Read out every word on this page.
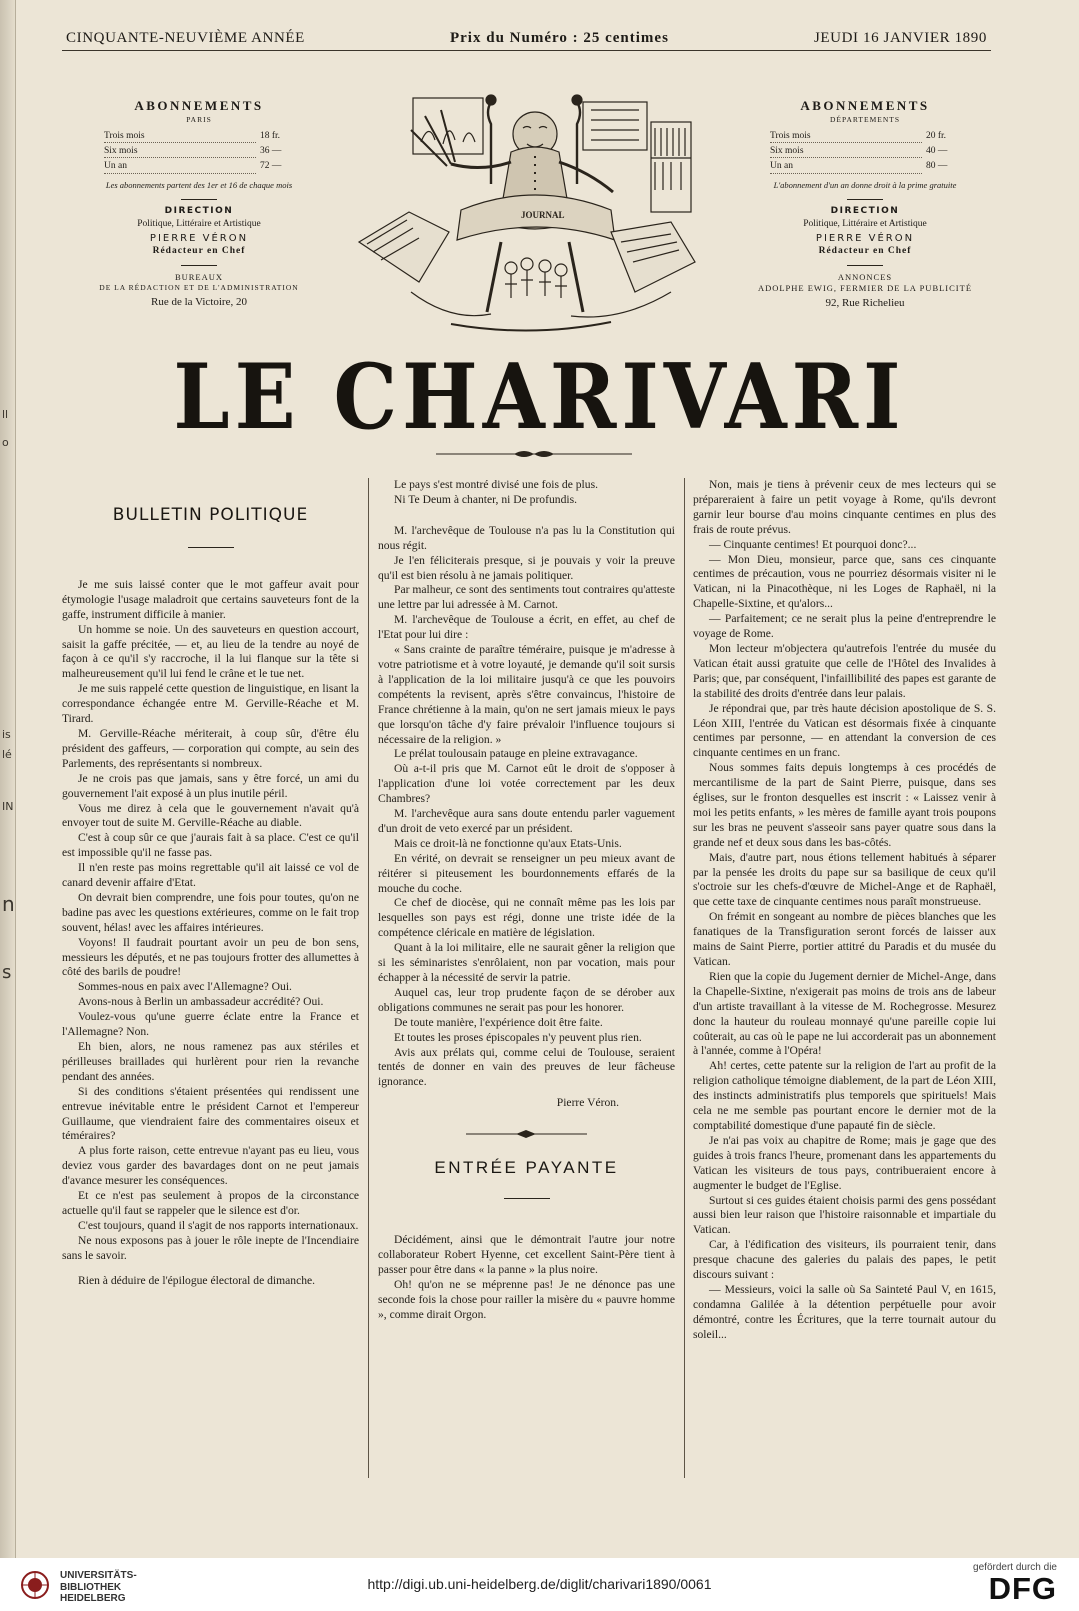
ll
o
is
lé
IN
n
s
CINQUANTE-NEUVIÈME ANNÉE	Prix du Numéro : 25 centimes	JEUDI 16 JANVIER 1890
ABONNEMENTS
PARIS
Trois mois	18 fr.
Six mois	36 —
Un an	72 —
Les abonnements partent des 1er et 16 de chaque mois
DIRECTION
Politique, Littéraire et Artistique
PIERRE VÉRON
Rédacteur en Chef
BUREAUX
DE LA RÉDACTION ET DE L'ADMINISTRATION
Rue de la Victoire, 20
ABONNEMENTS
DÉPARTEMENTS
Trois mois	20 fr.
Six mois	40 —
Un an	80 —
L'abonnement d'un an donne droit à la prime gratuite
DIRECTION
Politique, Littéraire et Artistique
PIERRE VÉRON
Rédacteur en Chef
ANNONCES
ADOLPHE EWIG, FERMIER DE LA PUBLICITÉ
92, Rue Richelieu
JOURNAL
LE CHARIVARI
BULLETIN POLITIQUE

Je me suis laissé conter que le mot gaffeur avait pour étymologie l'usage maladroit que certains sauveteurs font de la gaffe, instrument difficile à manier.

Un homme se noie. Un des sauveteurs en question accourt, saisit la gaffe précitée, — et, au lieu de la tendre au noyé de façon à ce qu'il s'y raccroche, il la lui flanque sur la tête si malheureusement qu'il lui fend le crâne et le tue net.

Je me suis rappelé cette question de linguistique, en lisant la correspondance échangée entre M. Gerville-Réache et M. Tirard.

M. Gerville-Réache mériterait, à coup sûr, d'être élu président des gaffeurs, — corporation qui compte, au sein des Parlements, des représentants si nombreux.

Je ne crois pas que jamais, sans y être forcé, un ami du gouvernement l'ait exposé à un plus inutile péril.

Vous me direz à cela que le gouvernement n'avait qu'à envoyer tout de suite M. Gerville-Réache au diable.

C'est à coup sûr ce que j'aurais fait à sa place. C'est ce qu'il est impossible qu'il ne fasse pas.

Il n'en reste pas moins regrettable qu'il ait laissé ce vol de canard devenir affaire d'Etat.

On devrait bien comprendre, une fois pour toutes, qu'on ne badine pas avec les questions extérieures, comme on le fait trop souvent, hélas! avec les affaires intérieures.

Voyons! Il faudrait pourtant avoir un peu de bon sens, messieurs les députés, et ne pas toujours frotter des allumettes à côté des barils de poudre!

Sommes-nous en paix avec l'Allemagne? Oui.

Avons-nous à Berlin un ambassadeur accrédité? Oui.

Voulez-vous qu'une guerre éclate entre la France et l'Allemagne? Non.

Eh bien, alors, ne nous ramenez pas aux stériles et périlleuses braillades qui hurlèrent pour rien la revanche pendant des années.

Si des conditions s'étaient présentées qui rendissent une entrevue inévitable entre le président Carnot et l'empereur Guillaume, que viendraient faire des commentaires oiseux et téméraires?

A plus forte raison, cette entrevue n'ayant pas eu lieu, vous deviez vous garder des bavardages dont on ne peut jamais d'avance mesurer les conséquences.

Et ce n'est pas seulement à propos de la circonstance actuelle qu'il faut se rappeler que le silence est d'or.

C'est toujours, quand il s'agit de nos rapports internationaux.

Ne nous exposons pas à jouer le rôle inepte de l'Incendiaire sans le savoir.

Rien à déduire de l'épilogue électoral de dimanche.

Le pays s'est montré divisé une fois de plus.

Ni Te Deum à chanter, ni De profundis.

M. l'archevêque de Toulouse n'a pas lu la Constitution qui nous régit.

Je l'en féliciterais presque, si je pouvais y voir la preuve qu'il est bien résolu à ne jamais politiquer.

Par malheur, ce sont des sentiments tout contraires qu'atteste une lettre par lui adressée à M. Carnot.

M. l'archevêque de Toulouse a écrit, en effet, au chef de l'Etat pour lui dire :

« Sans crainte de paraître téméraire, puisque je m'adresse à votre patriotisme et à votre loyauté, je demande qu'il soit sursis à l'application de la loi militaire jusqu'à ce que les pouvoirs compétents la revisent, après s'être convaincus, l'histoire de France chrétienne à la main, qu'on ne sert jamais mieux le pays que lorsqu'on tâche d'y faire prévaloir l'influence toujours si nécessaire de la religion. »

Le prélat toulousain patauge en pleine extravagance.

Où a-t-il pris que M. Carnot eût le droit de s'opposer à l'application d'une loi votée correctement par les deux Chambres?

M. l'archevêque aura sans doute entendu parler vaguement d'un droit de veto exercé par un président.

Mais ce droit-là ne fonctionne qu'aux Etats-Unis.

En vérité, on devrait se renseigner un peu mieux avant de réitérer si piteusement les bourdonnements effarés de la mouche du coche.

Ce chef de diocèse, qui ne connaît même pas les lois par lesquelles son pays est régi, donne une triste idée de la compétence cléricale en matière de législation.

Quant à la loi militaire, elle ne saurait gêner la religion que si les séminaristes s'enrôlaient, non par vocation, mais pour échapper à la nécessité de servir la patrie.

Auquel cas, leur trop prudente façon de se dérober aux obligations communes ne serait pas pour les honorer.

De toute manière, l'expérience doit être faite.

Et toutes les proses épiscopales n'y peuvent plus rien.

Avis aux prélats qui, comme celui de Toulouse, seraient tentés de donner en vain des preuves de leur fâcheuse ignorance.

Pierre Véron.

ENTRÉE PAYANTE

Décidément, ainsi que le démontrait l'autre jour notre collaborateur Robert Hyenne, cet excellent Saint-Père tient à passer pour être dans « la panne » la plus noire.

Oh! qu'on ne se méprenne pas! Je ne dénonce pas une seconde fois la chose pour railler la misère du « pauvre homme », comme dirait Orgon.

Non, mais je tiens à prévenir ceux de mes lecteurs qui se prépareraient à faire un petit voyage à Rome, qu'ils devront garnir leur bourse d'au moins cinquante centimes en plus des frais de route prévus.

— Cinquante centimes! Et pourquoi donc?...

— Mon Dieu, monsieur, parce que, sans ces cinquante centimes de précaution, vous ne pourriez désormais visiter ni le Vatican, ni la Pinacothèque, ni les Loges de Raphaël, ni la Chapelle-Sixtine, et qu'alors...

— Parfaitement; ce ne serait plus la peine d'entreprendre le voyage de Rome.

Mon lecteur m'objectera qu'autrefois l'entrée du musée du Vatican était aussi gratuite que celle de l'Hôtel des Invalides à Paris; que, par conséquent, l'infaillibilité des papes est garante de la stabilité des droits d'entrée dans leur palais.

Je répondrai que, par très haute décision apostolique de S. S. Léon XIII, l'entrée du Vatican est désormais fixée à cinquante centimes par personne, — en attendant la conversion de ces cinquante centimes en un franc.

Nous sommes faits depuis longtemps à ces procédés de mercantilisme de la part de Saint Pierre, puisque, dans ses églises, sur le fronton desquelles est inscrit : « Laissez venir à moi les petits enfants, » les mères de famille ayant trois poupons sur les bras ne peuvent s'asseoir sans payer quatre sous dans la grande nef et deux sous dans les bas-côtés.

Mais, d'autre part, nous étions tellement habitués à séparer par la pensée les droits du pape sur sa basilique de ceux qu'il s'octroie sur les chefs-d'œuvre de Michel-Ange et de Raphaël, que cette taxe de cinquante centimes nous paraît monstrueuse.

On frémit en songeant au nombre de pièces blanches que les fanatiques de la Transfiguration seront forcés de laisser aux mains de Saint Pierre, portier attitré du Paradis et du musée du Vatican.

Rien que la copie du Jugement dernier de Michel-Ange, dans la Chapelle-Sixtine, n'exigerait pas moins de trois ans de labeur d'un artiste travaillant à la vitesse de M. Rochegrosse. Mesurez donc la hauteur du rouleau monnayé qu'une pareille copie lui coûterait, au cas où le pape ne lui accorderait pas un abonnement à l'année, comme à l'Opéra!

Ah! certes, cette patente sur la religion de l'art au profit de la religion catholique témoigne diablement, de la part de Léon XIII, des instincts administratifs plus temporels que spirituels! Mais cela ne me semble pas pourtant encore le dernier mot de la comptabilité domestique d'une papauté fin de siècle.

Je n'ai pas voix au chapitre de Rome; mais je gage que des guides à trois francs l'heure, promenant dans les appartements du Vatican les visiteurs de tous pays, contribueraient encore à augmenter le budget de l'Eglise.

Surtout si ces guides étaient choisis parmi des gens possédant aussi bien leur raison que l'histoire raisonnable et impartiale du Vatican.

Car, à l'édification des visiteurs, ils pourraient tenir, dans presque chacune des galeries du palais des papes, le petit discours suivant :

— Messieurs, voici la salle où Sa Sainteté Paul V, en 1615, condamna Galilée à la détention perpétuelle pour avoir démontré, contre les Écritures, que la terre tournait autour du soleil...

UNIVERSITÄTS-
BIBLIOTHEK
HEIDELBERG
http://digi.ub.uni-heidelberg.de/diglit/charivari1890/0061
gefördert durch die
DFG
